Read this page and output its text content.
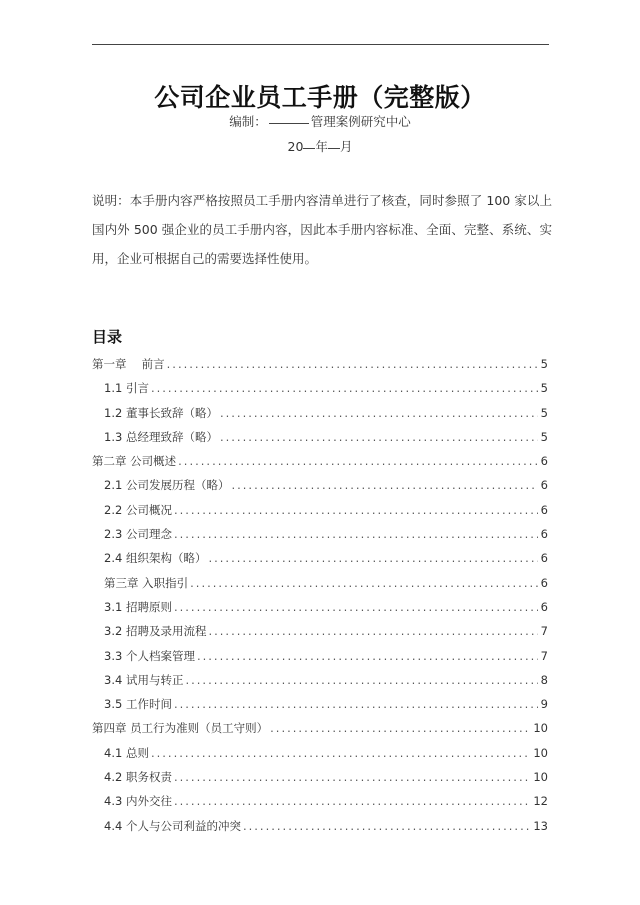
公司企业员工手册（完整版）
编制：	管理案例研究中心
20 年 月
说明：本手册内容严格按照员工手册内容清单进行了核查，同时参照了 100 家以上国内外 500 强企业的员工手册内容，因此本手册内容标准、全面、完整、系统、实用，企业可根据自己的需要选择性使用。
目录
第一章　 前言 .....	5
1.1 引言 .....	5
1.2 董事长致辞（略） .....	5
1.3 总经理致辞（略） .....	5
第二章 公司概述 .....	6
2.1 公司发展历程（略） .....	6
2.2 公司概况 .....	6
2.3 公司理念 .....	6
2.4 组织架构（略） .....	6
第三章 入职指引 .....	6
3.1 招聘原则 .....	6
3.2 招聘及录用流程 .....	7
3.3 个人档案管理 .....	7
3.4 试用与转正 .....	8
3.5 工作时间 .....	9
第四章 员工行为准则（员工守则） .....	10
4.1 总则 .....	10
4.2 职务权责 .....	10
4.3 内外交往 .....	12
4.4 个人与公司利益的冲突 .....	13
